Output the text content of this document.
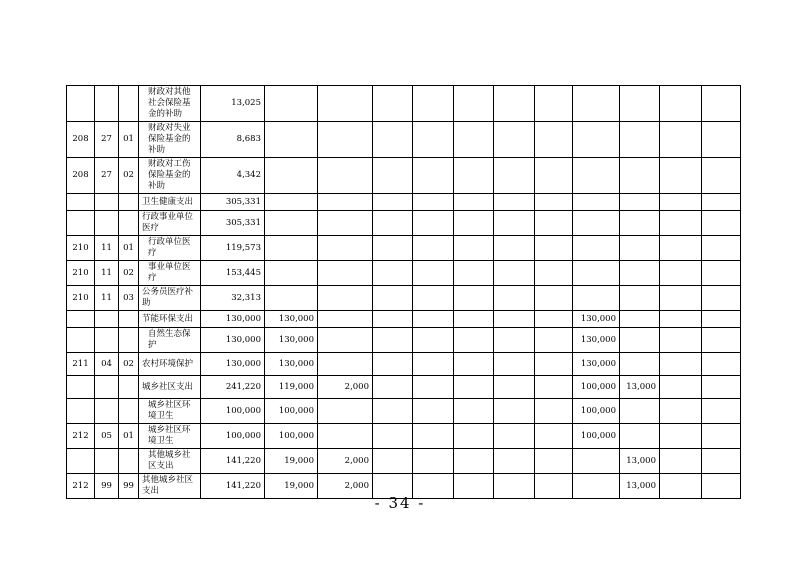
			财政对其他社会保险基金的补助	13,025											
208	27	01	财政对失业保险基金的补助	8,683											
208	27	02	财政对工伤保险基金的补助	4,342											
			卫生健康支出	305,331											
			行政事业单位医疗	305,331											
210	11	01	行政单位医疗	119,573											
210	11	02	事业单位医疗	153,445											
210	11	03	公务员医疗补助	32,313											
			节能环保支出	130,000	130,000							130,000			
			自然生态保护	130,000	130,000							130,000			
211	04	02	农村环境保护	130,000	130,000							130,000			
			城乡社区支出	241,220	119,000	2,000						100,000	13,000		
			城乡社区环境卫生	100,000	100,000							100,000			
212	05	01	城乡社区环境卫生	100,000	100,000							100,000			
			其他城乡社区支出	141,220	19,000	2,000							13,000		
212	99	99	其他城乡社区支出	141,220	19,000	2,000							13,000		
- 34 -
